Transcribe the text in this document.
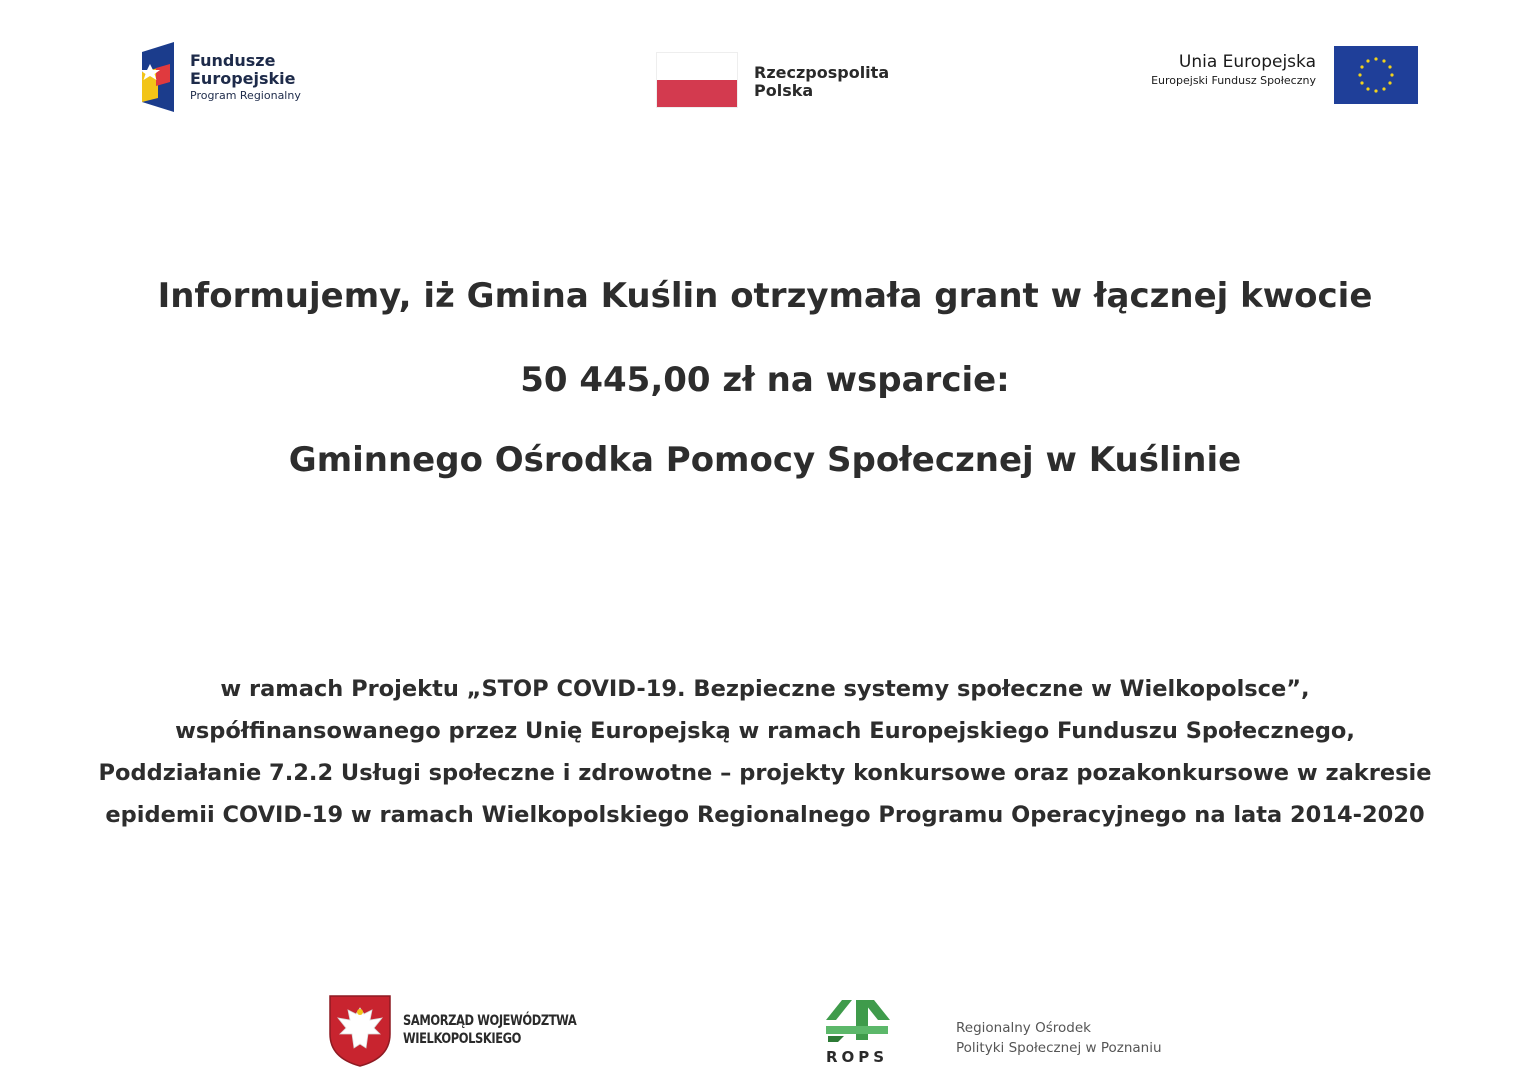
Fundusze
Europejskie
Program Regionalny
Rzeczpospolita
Polska
Unia Europejska
Europejski Fundusz Społeczny
Informujemy, iż Gmina Kuślin otrzymała grant w łącznej kwocie
50 445,00 zł na wsparcie:
Gminnego Ośrodka Pomocy Społecznej w Kuślinie
w ramach Projektu „STOP COVID-19. Bezpieczne systemy społeczne w Wielkopolsce”,
współfinansowanego przez Unię Europejską w ramach Europejskiego Funduszu Społecznego,
Poddziałanie 7.2.2 Usługi społeczne i zdrowotne – projekty konkursowe oraz pozakonkursowe w zakresie
epidemii COVID-19 w ramach Wielkopolskiego Regionalnego Programu Operacyjnego na lata 2014-2020
SAMORZĄD WOJEWÓDZTWA
WIELKOPOLSKIEGO
ROPS
Regionalny Ośrodek
Polityki Społecznej w Poznaniu
